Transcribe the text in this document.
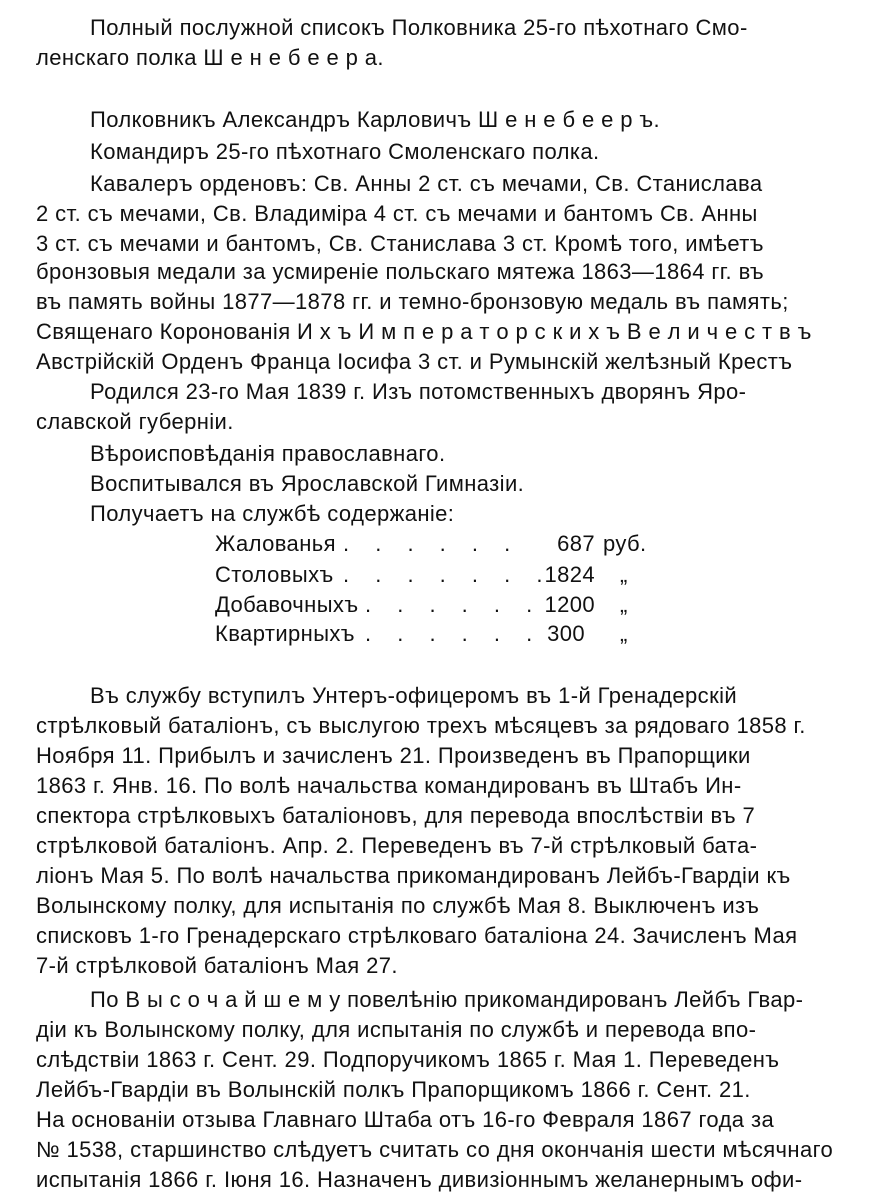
Полный послужной списокъ Полковника 25-го пѣхотнаго Смо-
ленскаго полка Ш е н е б е е р а.
Полковникъ Александръ Карловичъ Ш е н е б е е р ъ.
Командиръ 25-го пѣхотнаго Смоленскаго полка.
Кавалеръ орденовъ: Св. Анны 2 ст. съ мечами, Св. Станислава
2 ст. съ мечами, Св. Владиміра 4 ст. съ мечами и бантомъ Св. Анны
3 ст. съ мечами и бантомъ, Св. Станислава 3 ст. Кромѣ того, имѣетъ
бронзовыя медали за усмиреніе польскаго мятежа 1863—1864 гг. въ
въ память войны 1877—1878 гг. и темно-бронзовую медаль въ память;
Священаго Коронованія И х ъ И м п е р а т о р с к и х ъ В е л и ч е с т в ъ
Австрійскій Орденъ Франца Іосифа 3 ст. и Румынскій желѣзный Крестъ
Родился 23-го Мая 1839 г. Изъ потомственныхъ дворянъ Яро-
славской губерніи.
Вѣроисповѣданія православнаго.
Воспитывался въ Ярославской Гимназіи.
Получаетъ на службѣ содержаніе:
Жалованья . . . . . . 687 руб.
Столовыхъ . . . . . . .
1824 „
Добавочныхъ . . . . . . 1200 „
Квартирныхъ . . . . . . 300 „
Въ службу вступилъ Унтеръ-офицеромъ въ 1-й Гренадерскій
стрѣлковый баталіонъ, съ выслугою трехъ мѣсяцевъ за рядоваго 1858 г.
Ноября 11. Прибылъ и зачисленъ 21. Произведенъ въ Прапорщики
1863 г. Янв. 16. По волѣ начальства командированъ въ Штабъ Ин-
спектора стрѣлковыхъ баталіоновъ, для перевода впослѣствіи въ 7
стрѣлковой баталіонъ. Апр. 2. Переведенъ въ 7-й стрѣлковый бата-
ліонъ Мая 5. По волѣ начальства прикомандированъ Лейбъ-Гвардіи къ
Волынскому полку, для испытанія по службѣ Мая 8. Выключенъ изъ
списковъ 1-го Гренадерскаго стрѣлковаго баталіона 24. Зачисленъ Мая
7-й стрѣлковой баталіонъ Мая 27.
По В ы с о ч а й ш е м у повелѣнію прикомандированъ Лейбъ Гвар-
діи къ Волынскому полку, для испытанія по службѣ и перевода впо-
слѣдствіи 1863 г. Сент. 29. Подпоручикомъ 1865 г. Мая 1. Переведенъ
Лейбъ-Гвардіи въ Волынскій полкъ Прапорщикомъ 1866 г. Сент. 21.
На основаніи отзыва Главнаго Штаба отъ 16-го Февраля 1867 года за
№ 1538, старшинство слѣдуетъ считать со дня окончанія шести мѣсячнаго
испытанія 1866 г. Іюня 16. Назначенъ дивизіоннымъ желанернымъ офи-
